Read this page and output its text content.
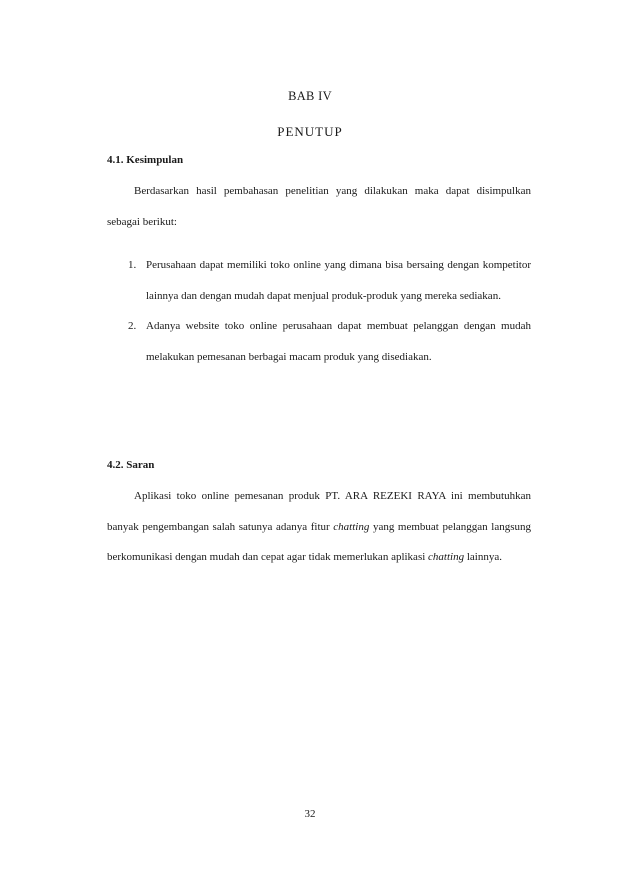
BAB IV
PENUTUP
4.1. Kesimpulan

Berdasarkan hasil pembahasan penelitian yang dilakukan maka dapat disimpulkan sebagai berikut:

1. Perusahaan dapat memiliki toko online yang dimana bisa bersaing dengan kompetitor lainnya dan dengan mudah dapat menjual produk-produk yang mereka sediakan.
2. Adanya website toko online perusahaan dapat membuat pelanggan dengan mudah melakukan pemesanan berbagai macam produk yang disediakan.
4.2. Saran

Aplikasi toko online pemesanan produk PT. ARA REZEKI RAYA ini membutuhkan banyak pengembangan salah satunya adanya fitur chatting yang membuat pelanggan langsung berkomunikasi dengan mudah dan cepat agar tidak memerlukan aplikasi chatting lainnya.

32
